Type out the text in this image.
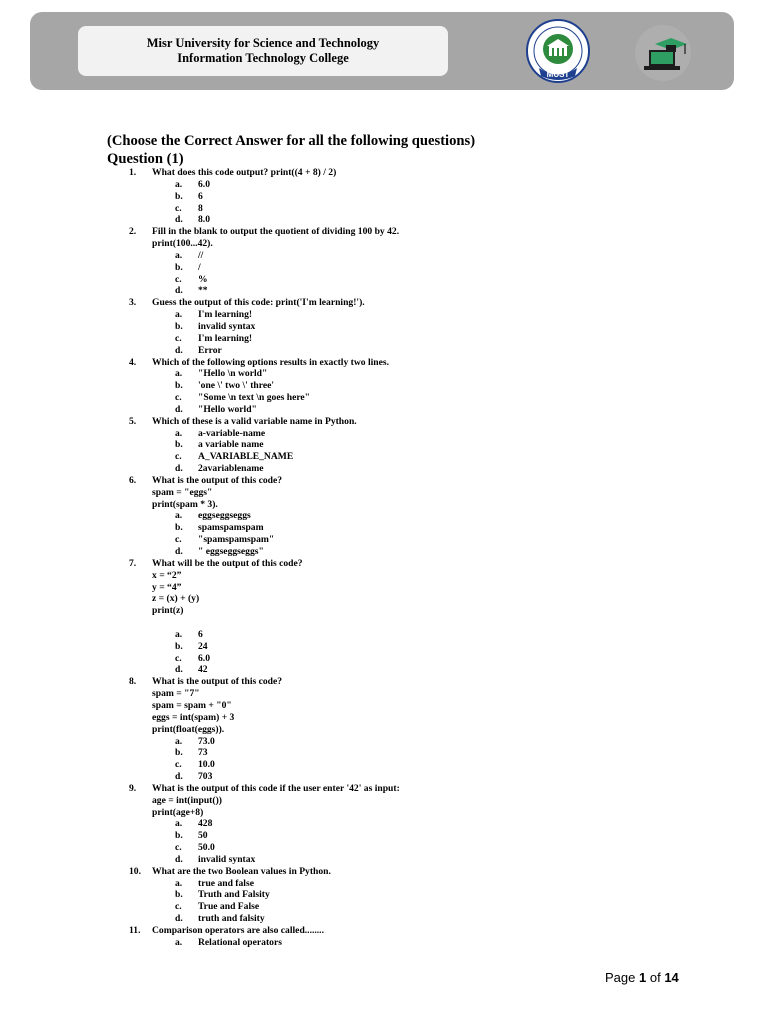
Misr University for Science and Technology
Information Technology College
MUST
(Choose the Correct Answer for all the following questions)
Question (1)
1. What does this code output? print((4 + 8) / 2)
a. 6.0
b. 6
c. 8
d. 8.0
2. Fill in the blank to output the quotient of dividing 100 by 42.
print(100...42).
a. //
b. /
c. %
d. **
3. Guess the output of this code: print('I'm learning!').
a. I'm learning!
b. invalid syntax
c. I'm learning!
d. Error
4. Which of the following options results in exactly two lines.
a. "Hello \n world"
b. 'one \' two \' three'
c. "Some \n text \n goes here"
d. "Hello world"
5. Which of these is a valid variable name in Python.
a. a-variable-name
b. a variable name
c. A_VARIABLE_NAME
d. 2avariablename
6. What is the output of this code?
spam = "eggs"
print(spam * 3).
a. eggseggseggs
b. spamspamspam
c. "spamspamspam"
d. " eggseggseggs"
7. What will be the output of this code?
x = “2”
y = “4”
z = (x) + (y)
print(z)
a. 6
b. 24
c. 6.0
d. 42
8. What is the output of this code?
spam = "7"
spam = spam + "0"
eggs = int(spam) + 3
print(float(eggs)).
a. 73.0
b. 73
c. 10.0
d. 703
9. What is the output of this code if the user enter '42' as input:
age = int(input())
print(age+8)
a. 428
b. 50
c. 50.0
d. invalid syntax
10. What are the two Boolean values in Python.
a. true and false
b. Truth and Falsity
c. True and False
d. truth and falsity
11. Comparison operators are also called........
a. Relational operators
Page 1 of 14
